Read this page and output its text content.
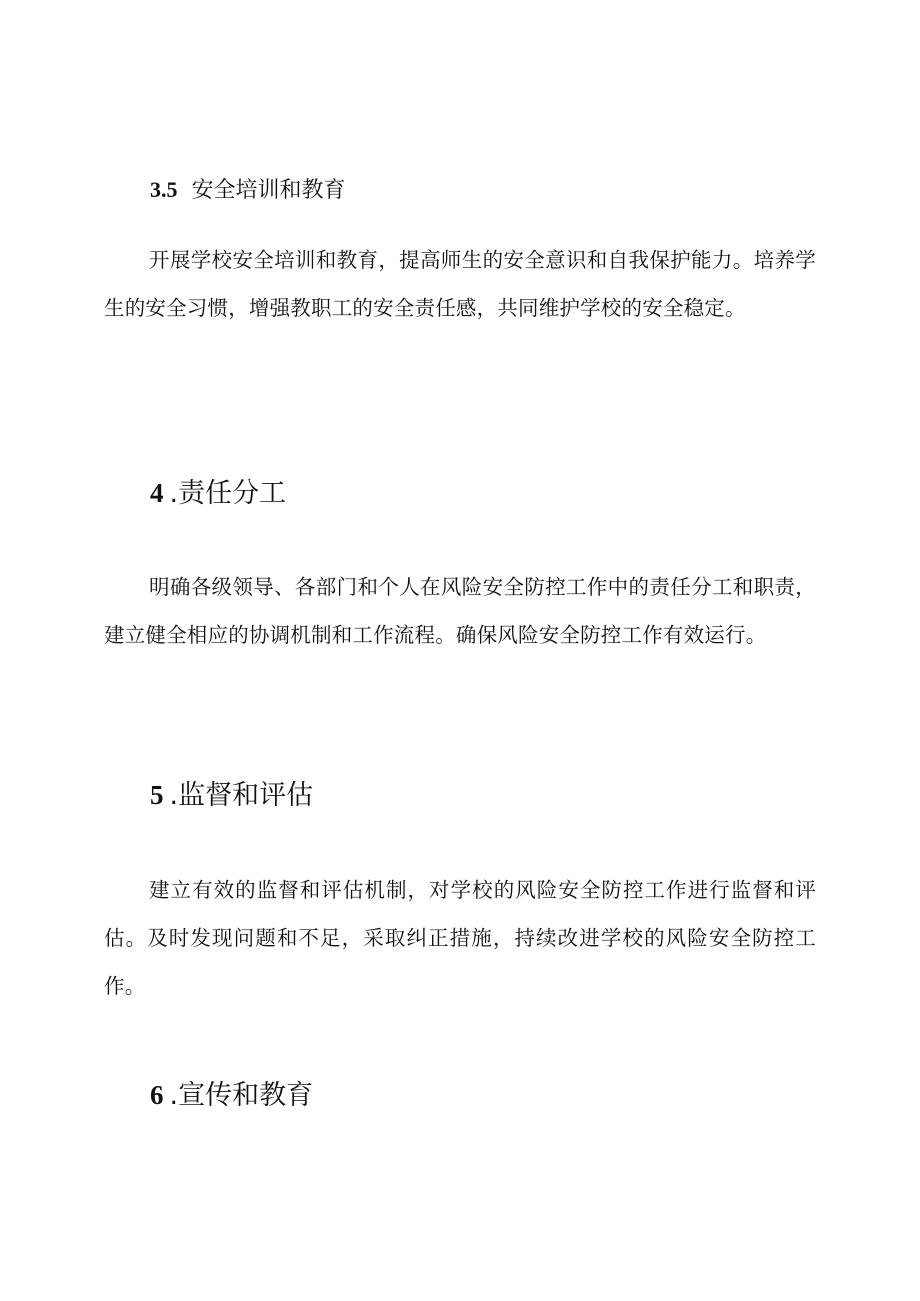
3.5 安全培训和教育

开展学校安全培训和教育，提高师生的安全意识和自我保护能力。培养学生的安全习惯，增强教职工的安全责任感，共同维护学校的安全稳定。

4 .责任分工

明确各级领导、各部门和个人在风险安全防控工作中的责任分工和职责，建立健全相应的协调机制和工作流程。确保风险安全防控工作有效运行。

5 .监督和评估

建立有效的监督和评估机制，对学校的风险安全防控工作进行监督和评估。及时发现问题和不足，采取纠正措施，持续改进学校的风险安全防控工作。

6 .宣传和教育
